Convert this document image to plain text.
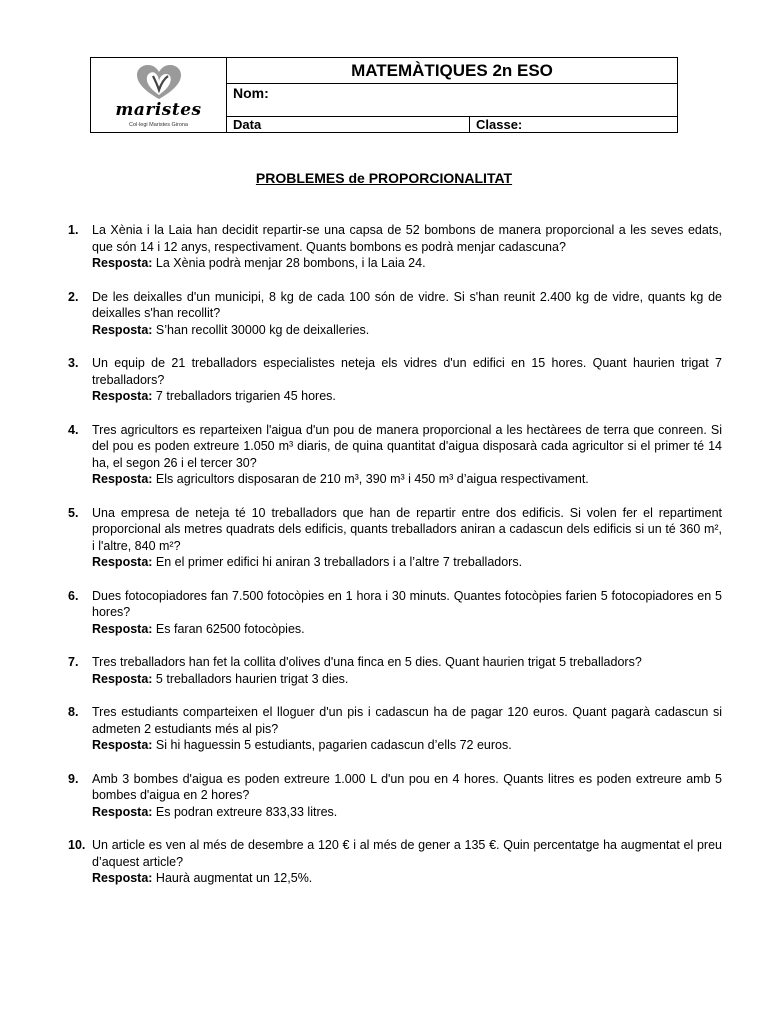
maristes
Col·legi Maristes Girona
MATEMÀTIQUES 2n ESO
Nom:
Data	Classe:
PROBLEMES de PROPORCIONALITAT
1. La Xènia i la Laia han decidit repartir-se una capsa de 52 bombons de manera proporcional a les seves edats, que són 14 i 12 anys, respectivament. Quants bombons es podrà menjar cadascuna?
Resposta: La Xènia podrà menjar 28 bombons, i la Laia 24.
2. De les deixalles d'un municipi, 8 kg de cada 100 són de vidre. Si s'han reunit 2.400 kg de vidre, quants kg de deixalles s'han recollit?
Resposta: S’han recollit 30000 kg de deixalleries.
3. Un equip de 21 treballadors especialistes neteja els vidres d'un edifici en 15 hores. Quant haurien trigat 7 treballadors?
Resposta: 7 treballadors trigarien 45 hores.
4. Tres agricultors es reparteixen l'aigua d'un pou de manera proporcional a les hectàrees de terra que conreen. Si del pou es poden extreure 1.050 m³ diaris, de quina quantitat d'aigua disposarà cada agricultor si el primer té 14 ha, el segon 26 i el tercer 30?
Resposta: Els agricultors disposaran de 210 m³, 390 m³ i 450 m³ d’aigua respectivament.
5. Una empresa de neteja té 10 treballadors que han de repartir entre dos edificis. Si volen fer el repartiment proporcional als metres quadrats dels edificis, quants treballadors aniran a cadascun dels edificis si un té 360 m², i l'altre, 840 m²?
Resposta: En el primer edifici hi aniran 3 treballadors i a l’altre 7 treballadors.
6. Dues fotocopiadores fan 7.500 fotocòpies en 1 hora i 30 minuts. Quantes fotocòpies farien 5 fotocopiadores en 5 hores?
Resposta: Es faran 62500 fotocòpies.
7. Tres treballadors han fet la collita d'olives d'una finca en 5 dies. Quant haurien trigat 5 treballadors?
Resposta: 5 treballadors haurien trigat 3 dies.
8. Tres estudiants comparteixen el lloguer d'un pis i cadascun ha de pagar 120 euros. Quant pagarà cadascun si admeten 2 estudiants més al pis?
Resposta: Si hi haguessin 5 estudiants, pagarien cadascun d’ells 72 euros.
9. Amb 3 bombes d'aigua es poden extreure 1.000 L d'un pou en 4 hores. Quants litres es poden extreure amb 5 bombes d'aigua en 2 hores?
Resposta: Es podran extreure 833,33 litres.
10. Un article es ven al més de desembre a 120 € i al més de gener a 135 €. Quin percentatge ha augmentat el preu d’aquest article?
Resposta: Haurà augmentat un 12,5%.
